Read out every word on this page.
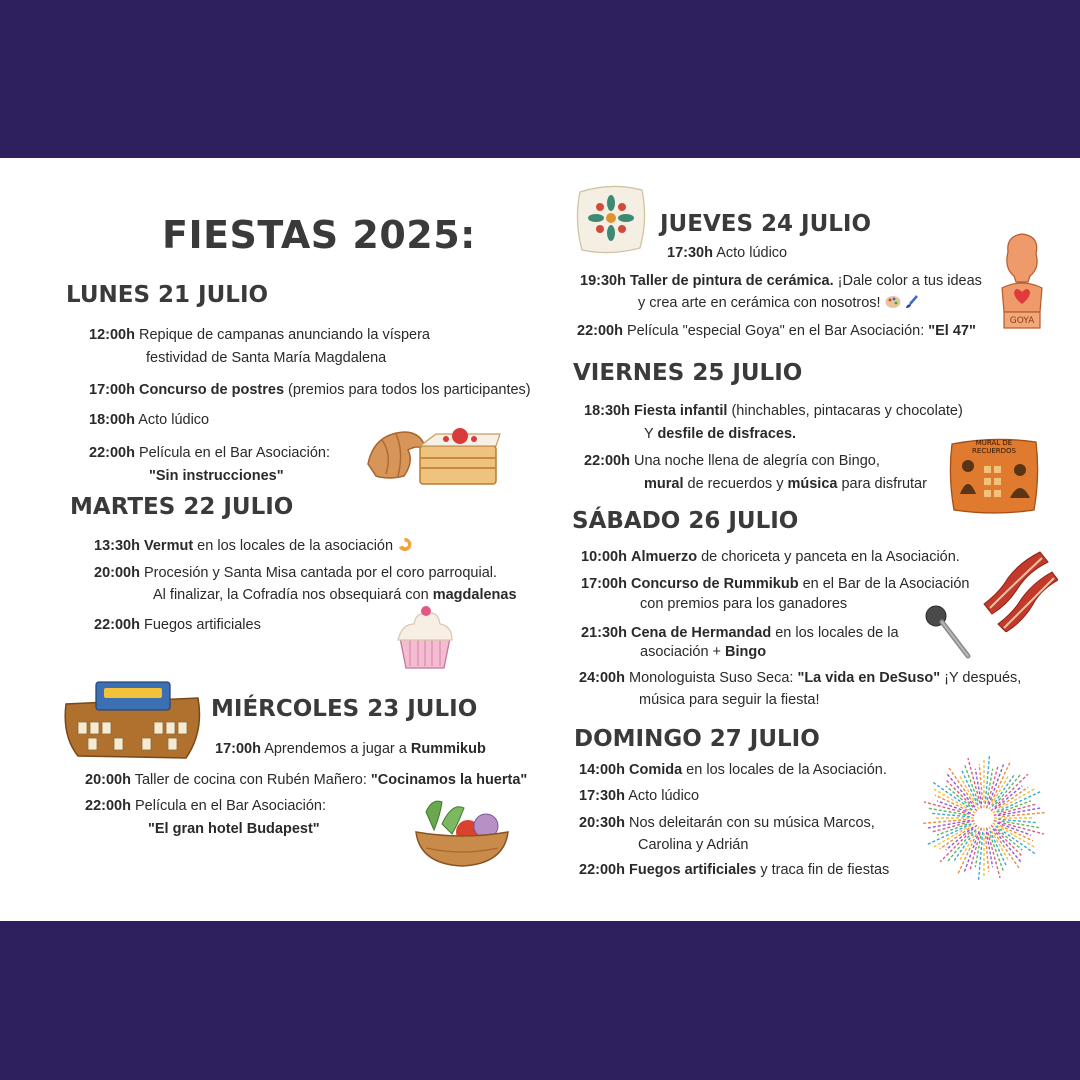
FIESTAS 2025:
LUNES 21 JULIO
12:00h Repique de campanas anunciando la víspera
festividad de Santa María Magdalena
17:00h Concurso de postres (premios para todos los participantes)
18:00h Acto lúdico
22:00h Película en el Bar Asociación:
"Sin instrucciones"
MARTES 22 JULIO
13:30h Vermut en los locales de la asociación
20:00h Procesión y Santa Misa cantada por el coro parroquial.
Al finalizar, la Cofradía nos obsequiará con magdalenas
22:00h Fuegos artificiales
MIÉRCOLES 23 JULIO
17:00h Aprendemos a jugar a Rummikub
20:00h Taller de cocina con Rubén Mañero: "Cocinamos la huerta"
22:00h Película en el Bar Asociación:
"El gran hotel Budapest"
JUEVES 24 JULIO
17:30h Acto lúdico
19:30h Taller de pintura de cerámica. ¡Dale color a tus ideas
y crea arte en cerámica con nosotros!
22:00h Película "especial Goya" en el Bar Asociación: "El 47"
GOYA
VIERNES 25 JULIO
18:30h Fiesta infantil (hinchables, pintacaras y chocolate)
Y desfile de disfraces.
22:00h Una noche llena de alegría con Bingo,
mural de recuerdos y música para disfrutar
MURAL DE RECUERDOS
SÁBADO 26 JULIO
10:00h Almuerzo de choriceta y panceta en la Asociación.
17:00h Concurso de Rummikub en el Bar de la Asociación
con premios para los ganadores
21:30h Cena de Hermandad en los locales de la
asociación + Bingo
24:00h Monologuista Suso Seca: "La vida en DeSuso" ¡Y después,
música para seguir la fiesta!
DOMINGO 27 JULIO
14:00h Comida en los locales de la Asociación.
17:30h Acto lúdico
20:30h Nos deleitarán con su música Marcos,
Carolina y Adrián
22:00h Fuegos artificiales y traca fin de fiestas
